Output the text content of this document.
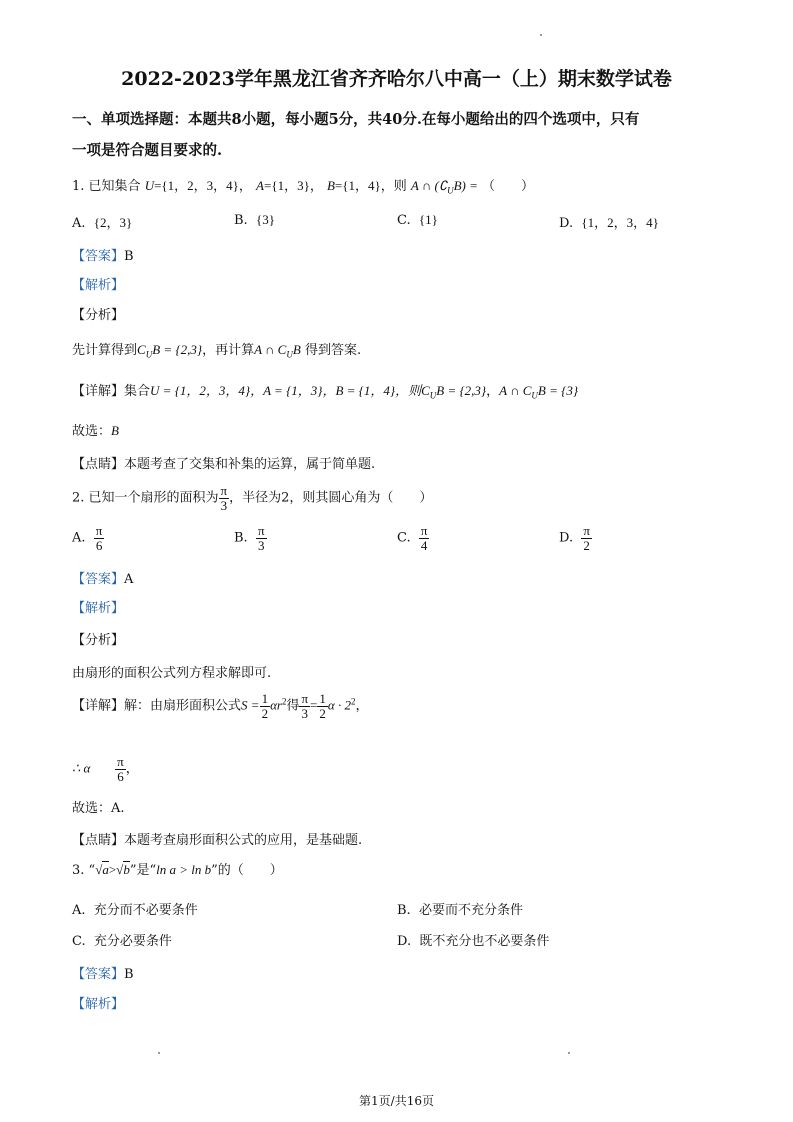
2022-2023学年黑龙江省齐齐哈尔八中高一（上）期末数学试卷
一、单项选择题：本题共8小题，每小题5分，共40分.在每小题给出的四个选项中，只有
一项是符合题目要求的.
1. 已知集合 U={1，2，3，4}， A={1，3}， B={1，4}，则 A ∩ $(∁_UB)$ = （　　）
A. {2，3}	B. {3}	C. {1}	D. {1，2，3，4}
【答案】B
【解析】
【分析】
先计算得到$C_UB = \{2,3\}$，再计算A ∩ $C_UB$ 得到答案.
【详解】集合U = {1，2，3，4}，A = {1，3}，B = {1，4}，则$C_UB = \{2,3\}$，A ∩ $C_UB = \{3\}$
故选：B
【点睛】本题考查了交集和补集的运算，属于简单题.
2. 已知一个扇形的面积为 $\frac{\pi}{3}$ ，半径为2，则其圆心角为（　　）
A. $\frac{\pi}{6}$	B. $\frac{\pi}{3}$	C. $\frac{\pi}{4}$	D. $\frac{\pi}{2}$
【答案】A
【解析】
【分析】
由扇形的面积公式列方程求解即可.
【详解】解：由扇形面积公式$S = \frac{1}{2} \alpha r^2$得 $\frac{\pi}{3} = \frac{1}{2}$ $\alpha \cdot 2^2$，
∴ α $\frac{\pi}{6}$ ，
故选：A.
【点睛】本题考查扇形面积公式的应用，是基础题.
3. “√a>√b”是“ln a > ln b”的（　　）
A. 充分而不必要条件	B. 必要而不充分条件
C. 充分必要条件	D. 既不充分也不必要条件
【答案】B
【解析】
第1页/共16页
